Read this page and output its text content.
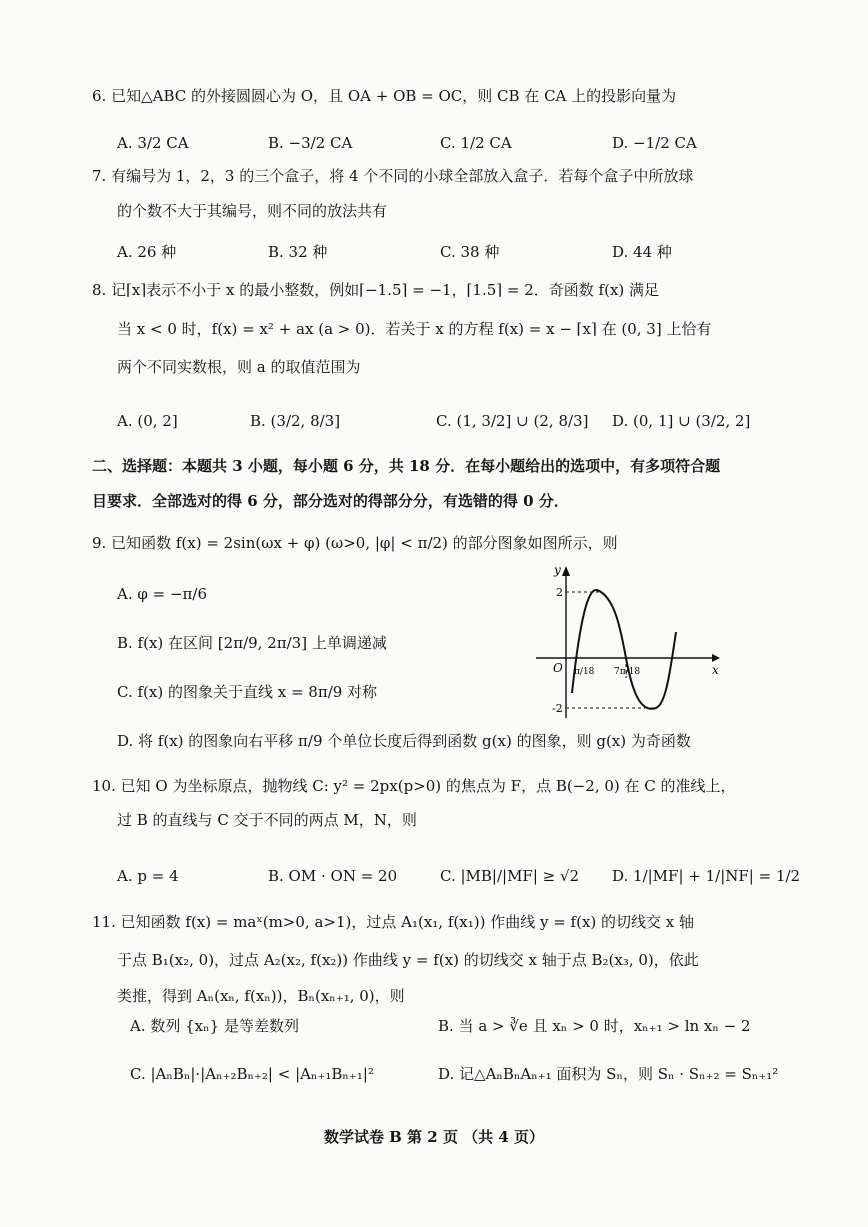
6. 已知△ABC 的外接圆圆心为 O，且 OA + OB = OC，则 CB 在 CA 上的投影向量为
A. 3/2 CA	B. −3/2 CA	C. 1/2 CA	D. −1/2 CA
7. 有编号为 1，2，3 的三个盒子，将 4 个不同的小球全部放入盒子．若每个盒子中所放球
的个数不大于其编号，则不同的放法共有
A. 26 种	B. 32 种	C. 38 种	D. 44 种
8. 记⌈x⌉表示不小于 x 的最小整数，例如⌈−1.5⌉ = −1，⌈1.5⌉ = 2．奇函数 f(x) 满足
当 x < 0 时，f(x) = x² + ax (a > 0)．若关于 x 的方程 f(x) = x − ⌈x⌉ 在 (0, 3] 上恰有
两个不同实数根，则 a 的取值范围为
A. (0, 2]	B. (3/2, 8/3]	C. (1, 3/2] ∪ (2, 8/3] D. (0, 1] ∪ (3/2, 2]
二、选择题：本题共 3 小题，每小题 6 分，共 18 分．在每小题给出的选项中，有多项符合题
目要求．全部选对的得 6 分，部分选对的得部分分，有选错的得 0 分．
9. 已知函数 f(x) = 2sin(ωx + φ) (ω>0, |φ| < π/2) 的部分图象如图所示，则
A. φ = −π/6
B. f(x) 在区间 [2π/9, 2π/3] 上单调递减
C. f(x) 的图象关于直线 x = 8π/9 对称
D. 将 f(x) 的图象向右平移 π/9 个单位长度后得到函数 g(x) 的图象，则 g(x) 为奇函数
y
x
2
-2
O π/18 7π/18
10. 已知 O 为坐标原点，抛物线 C: y² = 2px(p>0) 的焦点为 F，点 B(−2, 0) 在 C 的准线上，
过 B 的直线与 C 交于不同的两点 M，N，则
A. p = 4	B. OM · ON = 20	C. |MB|/|MF| ≥ √2 D. 1/|MF| + 1/|NF| = 1/2
11. 已知函数 f(x) = maˣ(m>0, a>1)，过点 A₁(x₁, f(x₁)) 作曲线 y = f(x) 的切线交 x 轴
于点 B₁(x₂, 0)，过点 A₂(x₂, f(x₂)) 作曲线 y = f(x) 的切线交 x 轴于点 B₂(x₃, 0)，依此
类推，得到 Aₙ(xₙ, f(xₙ))，Bₙ(xₙ₊₁, 0)，则
A. 数列 {xₙ} 是等差数列	B. 当 a > ∛e 且 xₙ > 0 时，xₙ₊₁ > ln xₙ − 2
C. |AₙBₙ|·|Aₙ₊₂Bₙ₊₂| < |Aₙ₊₁Bₙ₊₁|²	D. 记△AₙBₙAₙ₊₁ 面积为 Sₙ，则 Sₙ · Sₙ₊₂ = Sₙ₊₁²
数学试卷 B 第 2 页 （共 4 页）
